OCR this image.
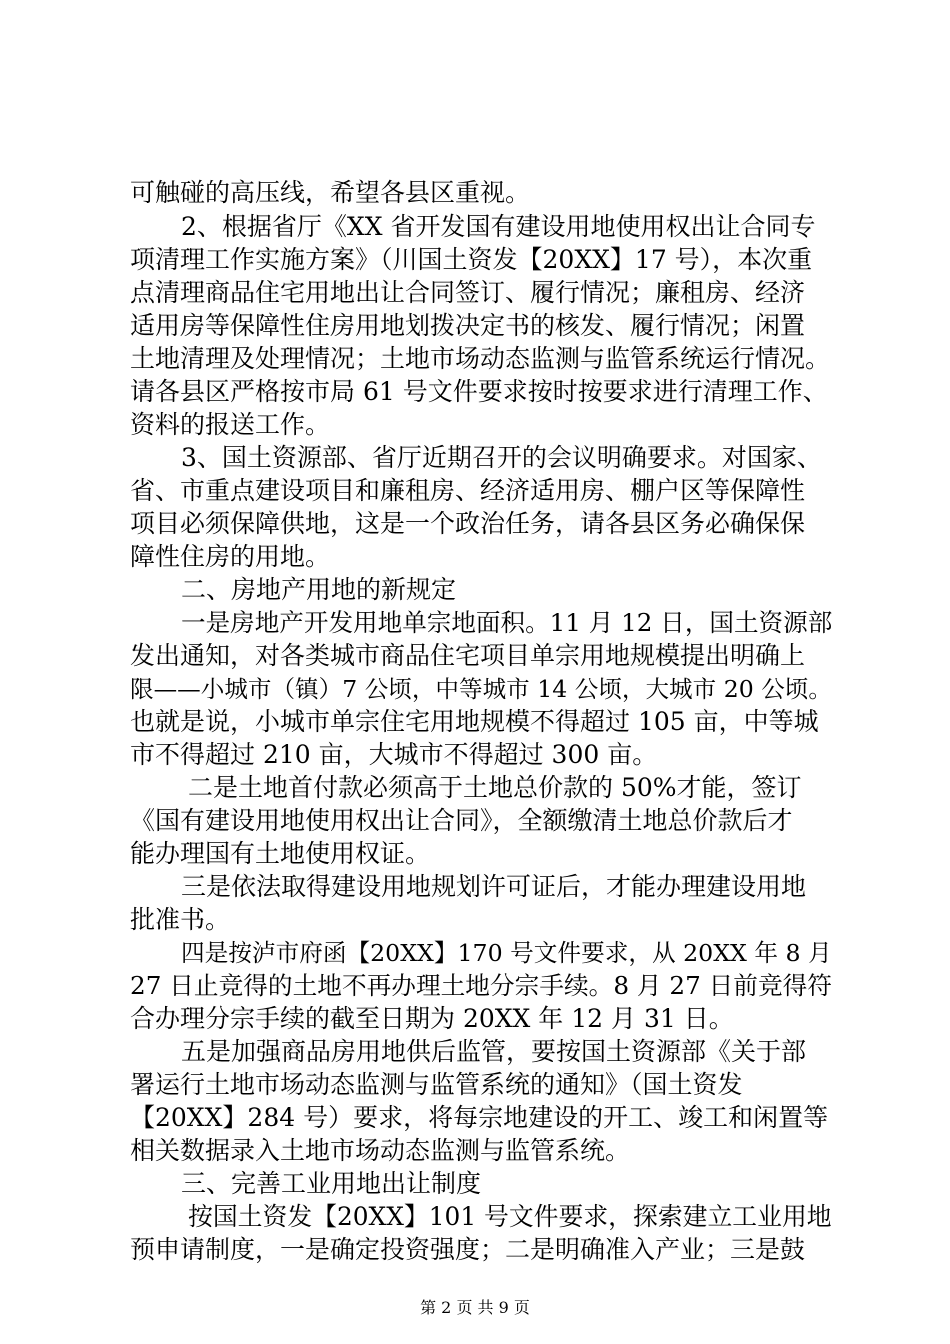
可触碰的高压线，希望各县区重视。
2、根据省厅《XX 省开发国有建设用地使用权出让合同专
项清理工作实施方案》（川国土资发【20XX】17 号），本次重
点清理商品住宅用地出让合同签订、履行情况；廉租房、经济
适用房等保障性住房用地划拨决定书的核发、履行情况；闲置
土地清理及处理情况；土地市场动态监测与监管系统运行情况。
请各县区严格按市局 61 号文件要求按时按要求进行清理工作、
资料的报送工作。
3、国土资源部、省厅近期召开的会议明确要求。对国家、
省、市重点建设项目和廉租房、经济适用房、棚户区等保障性
项目必须保障供地，这是一个政治任务，请各县区务必确保保
障性住房的用地。
二、房地产用地的新规定
一是房地产开发用地单宗地面积。11 月 12 日，国土资源部
发出通知，对各类城市商品住宅项目单宗用地规模提出明确上
限——小城市（镇）7 公顷，中等城市 14 公顷，大城市 20 公顷。
也就是说，小城市单宗住宅用地规模不得超过 105 亩，中等城
市不得超过 210 亩，大城市不得超过 300 亩。
二是土地首付款必须高于土地总价款的 50%才能，签订
《国有建设用地使用权出让合同》，全额缴清土地总价款后才
能办理国有土地使用权证。
三是依法取得建设用地规划许可证后，才能办理建设用地
批准书。
四是按泸市府函【20XX】170 号文件要求，从 20XX 年 8 月
27 日止竞得的土地不再办理土地分宗手续。8 月 27 日前竞得符
合办理分宗手续的截至日期为 20XX 年 12 月 31 日。
五是加强商品房用地供后监管，要按国土资源部《关于部
署运行土地市场动态监测与监管系统的通知》（国土资发
【20XX】284 号）要求，将每宗地建设的开工、竣工和闲置等
相关数据录入土地市场动态监测与监管系统。
三、完善工业用地出让制度
按国土资发【20XX】101 号文件要求，探索建立工业用地
预申请制度，一是确定投资强度；二是明确准入产业；三是鼓
第 2 页 共 9 页
